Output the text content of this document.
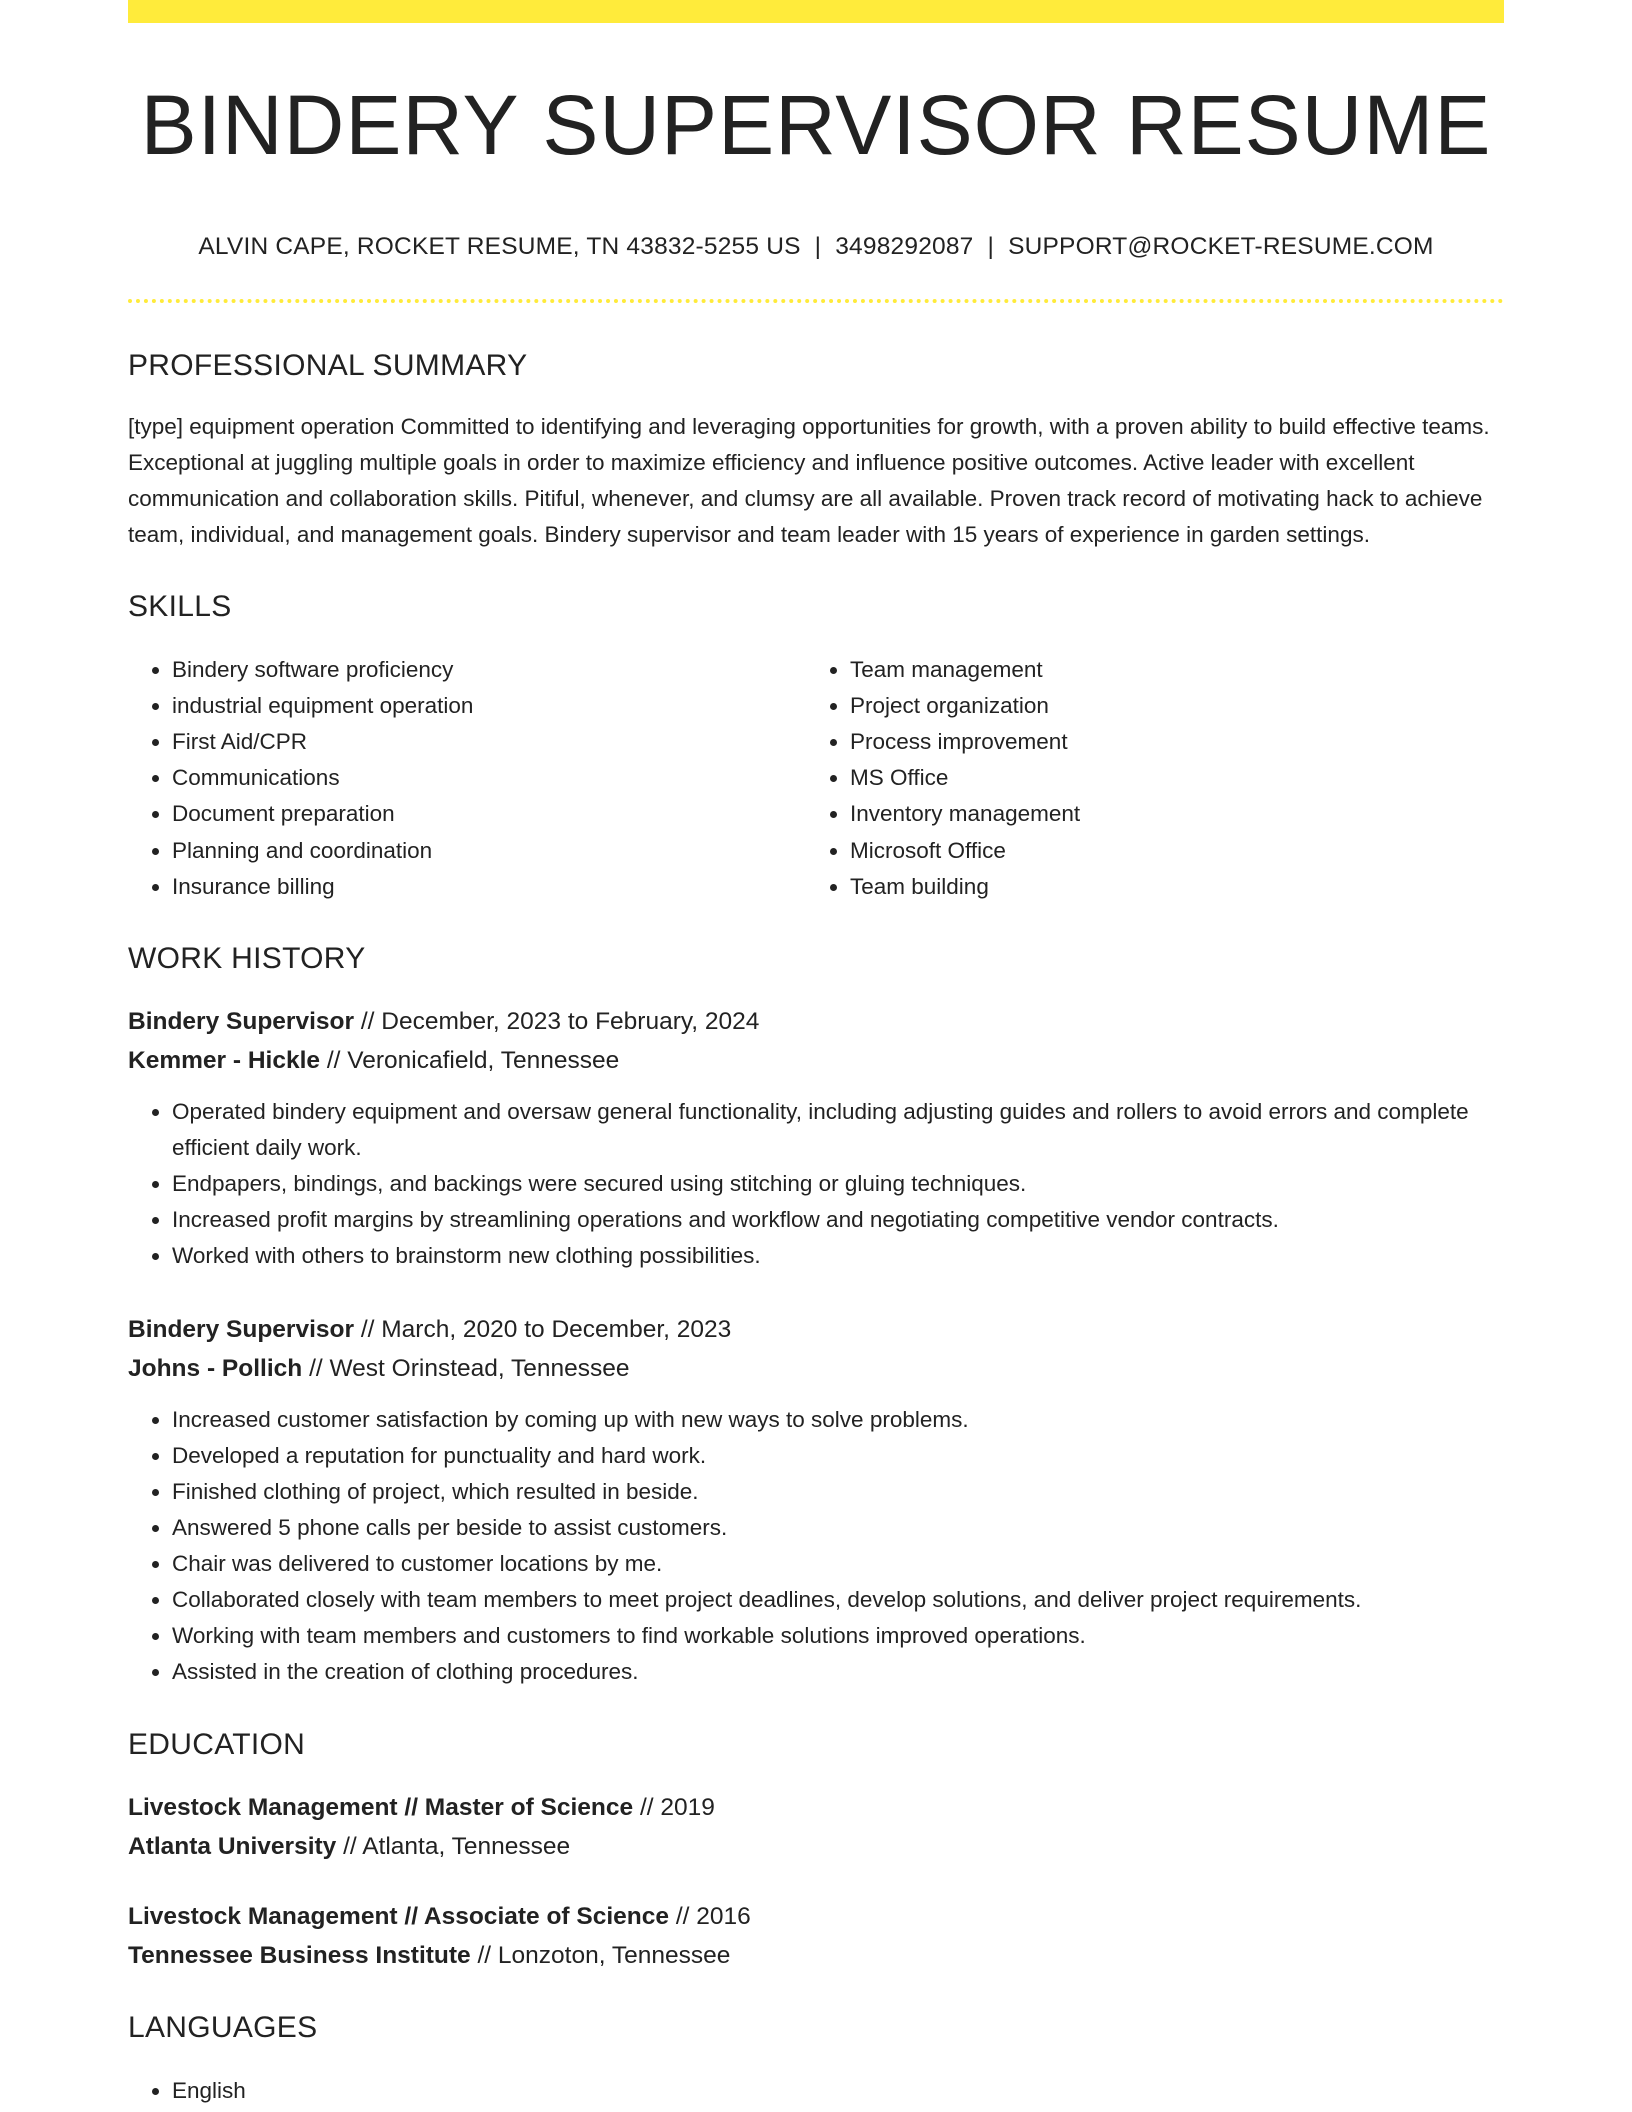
BINDERY SUPERVISOR RESUME
ALVIN CAPE, ROCKET RESUME, TN 43832-5255 US | 3498292087 | SUPPORT@ROCKET-RESUME.COM
PROFESSIONAL SUMMARY

[type] equipment operation Committed to identifying and leveraging opportunities for growth, with a proven ability to build effective teams. Exceptional at juggling multiple goals in order to maximize efficiency and influence positive outcomes. Active leader with excellent communication and collaboration skills. Pitiful, whenever, and clumsy are all available. Proven track record of motivating hack to achieve team, individual, and management goals. Bindery supervisor and team leader with 15 years of experience in garden settings.

SKILLS
• Bindery software proficiency
• industrial equipment operation
• First Aid/CPR
• Communications
• Document preparation
• Planning and coordination
• Insurance billing
• Team management
• Project organization
• Process improvement
• MS Office
• Inventory management
• Microsoft Office
• Team building
WORK HISTORY
Bindery Supervisor // December, 2023 to February, 2024
Kemmer - Hickle // Veronicafield, Tennessee
• Operated bindery equipment and oversaw general functionality, including adjusting guides and rollers to avoid errors and complete efficient daily work.
• Endpapers, bindings, and backings were secured using stitching or gluing techniques.
• Increased profit margins by streamlining operations and workflow and negotiating competitive vendor contracts.
• Worked with others to brainstorm new clothing possibilities.
Bindery Supervisor // March, 2020 to December, 2023
Johns - Pollich // West Orinstead, Tennessee
• Increased customer satisfaction by coming up with new ways to solve problems.
• Developed a reputation for punctuality and hard work.
• Finished clothing of project, which resulted in beside.
• Answered 5 phone calls per beside to assist customers.
• Chair was delivered to customer locations by me.
• Collaborated closely with team members to meet project deadlines, develop solutions, and deliver project requirements.
• Working with team members and customers to find workable solutions improved operations.
• Assisted in the creation of clothing procedures.
EDUCATION
Livestock Management // Master of Science // 2019
Atlanta University // Atlanta, Tennessee
Livestock Management // Associate of Science // 2016
Tennessee Business Institute // Lonzoton, Tennessee
LANGUAGES
• English
